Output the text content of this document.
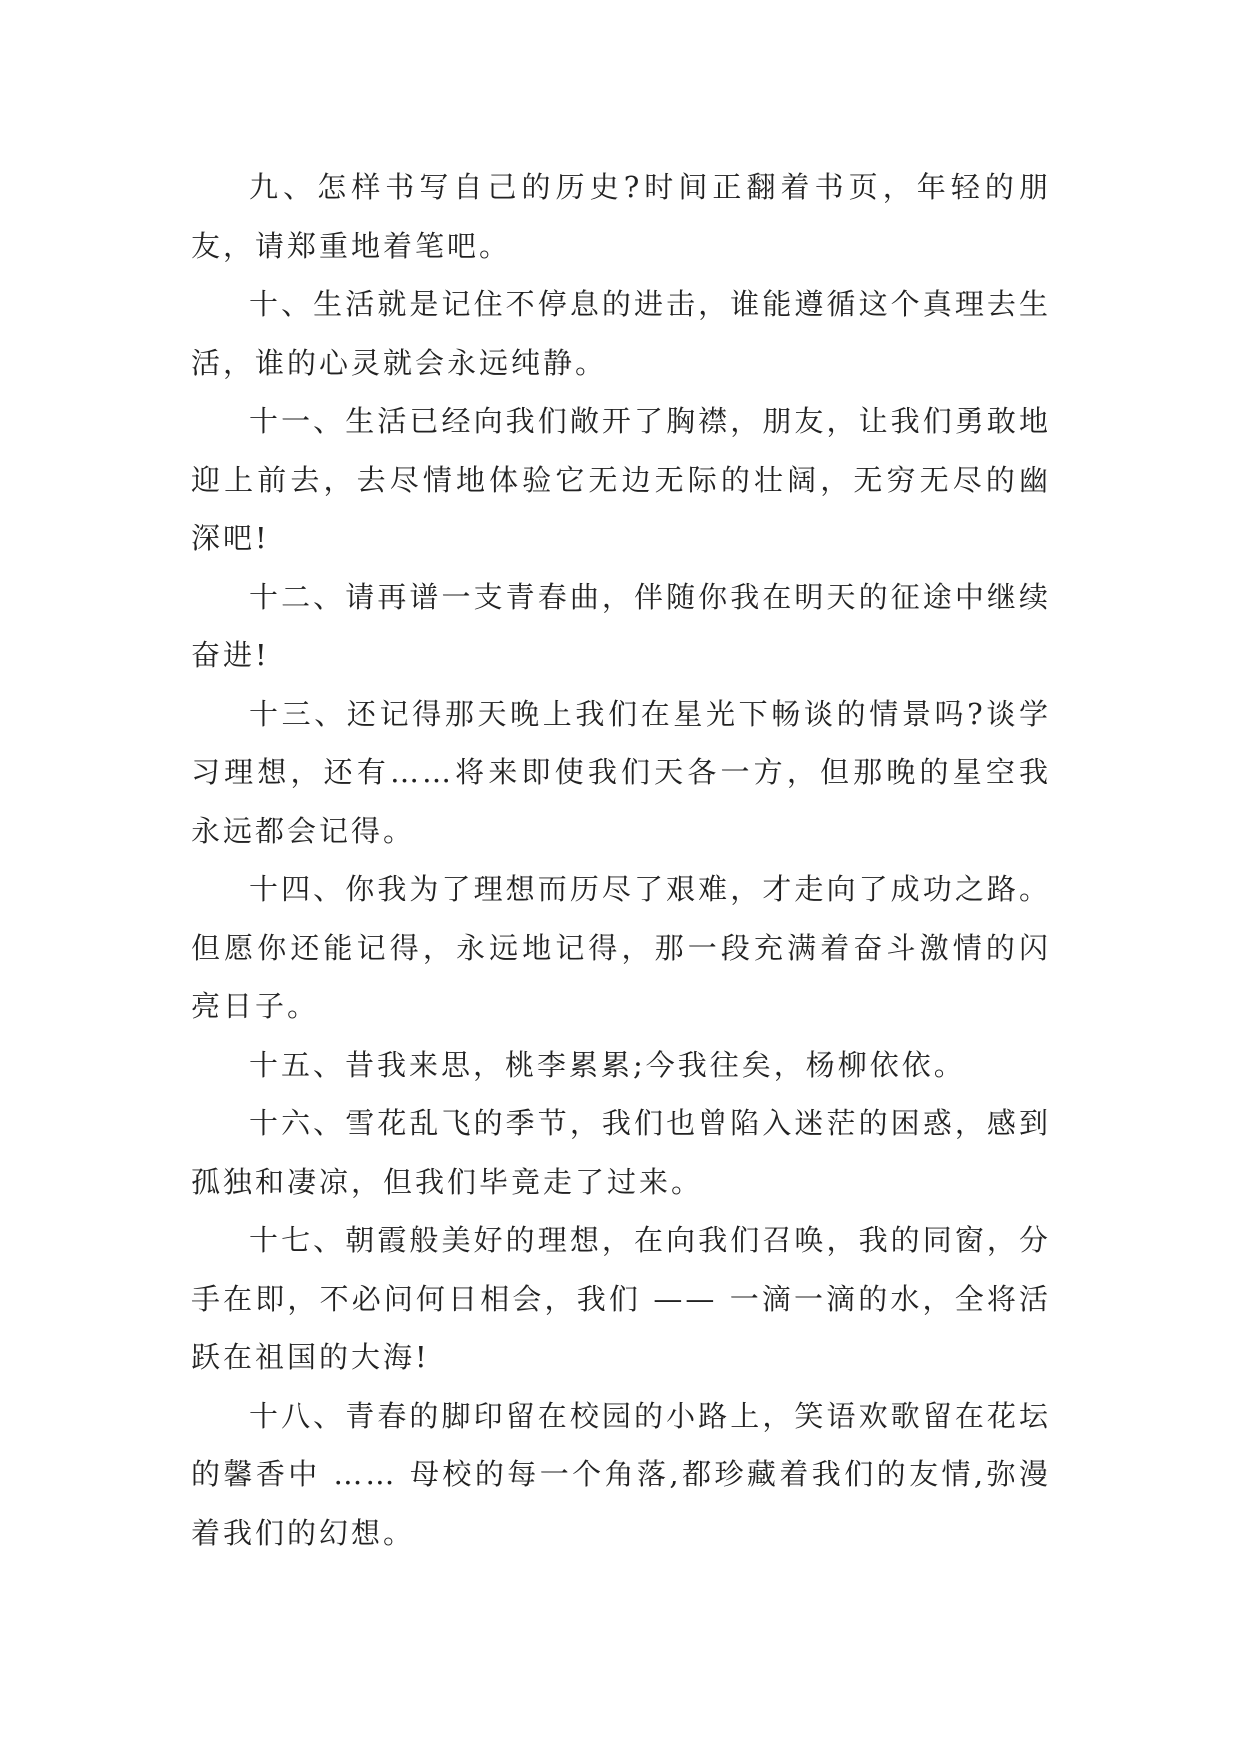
九、怎样书写自己的历史?时间正翻着书页，年轻的朋友，请郑重地着笔吧。

十、生活就是记住不停息的进击，谁能遵循这个真理去生活，谁的心灵就会永远纯静。

十一、生活已经向我们敞开了胸襟，朋友，让我们勇敢地迎上前去，去尽情地体验它无边无际的壮阔，无穷无尽的幽深吧!

十二、请再谱一支青春曲，伴随你我在明天的征途中继续奋进!

十三、还记得那天晚上我们在星光下畅谈的情景吗?谈学习理想，还有……将来即使我们天各一方，但那晚的星空我永远都会记得。

十四、你我为了理想而历尽了艰难，才走向了成功之路。但愿你还能记得，永远地记得，那一段充满着奋斗激情的闪亮日子。

十五、昔我来思，桃李累累;今我往矣，杨柳依依。

十六、雪花乱飞的季节，我们也曾陷入迷茫的困惑，感到孤独和凄凉，但我们毕竟走了过来。

十七、朝霞般美好的理想，在向我们召唤，我的同窗，分手在即，不必问何日相会，我们 —— 一滴一滴的水，全将活跃在祖国的大海!

十八、青春的脚印留在校园的小路上，笑语欢歌留在花坛的馨香中 …… 母校的每一个角落,都珍藏着我们的友情,弥漫着我们的幻想。
